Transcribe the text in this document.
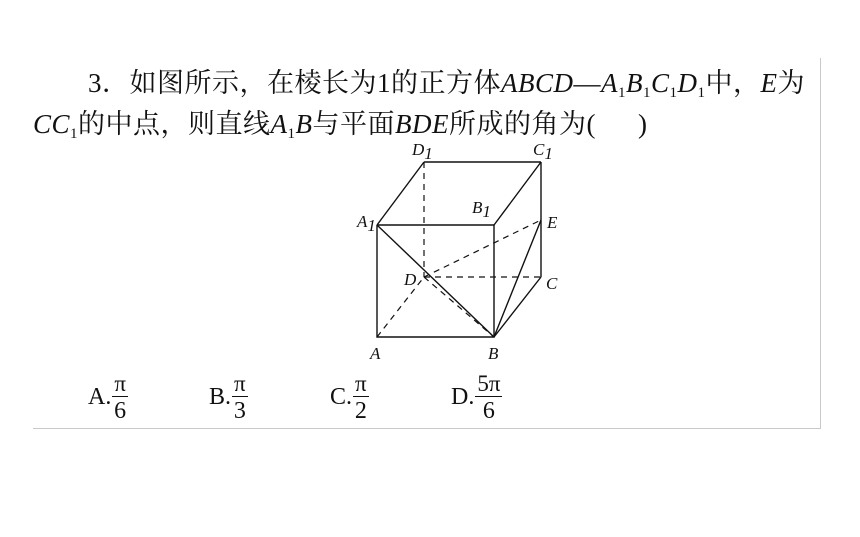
3．如图所示，在棱长为1的正方体$ABCD—A_1B_1C_1D_1$中，E为
$CC_1$的中点，则直线$A_1B$与平面BDE所成的角为( )
D1	C1
A1
B1
E
D	C
A	B
A. $\frac{\pi}{6}$	B. $\frac{\pi}{3}$	C. $\frac{\pi}{2}$	D. $\frac{5\pi}{6}$
